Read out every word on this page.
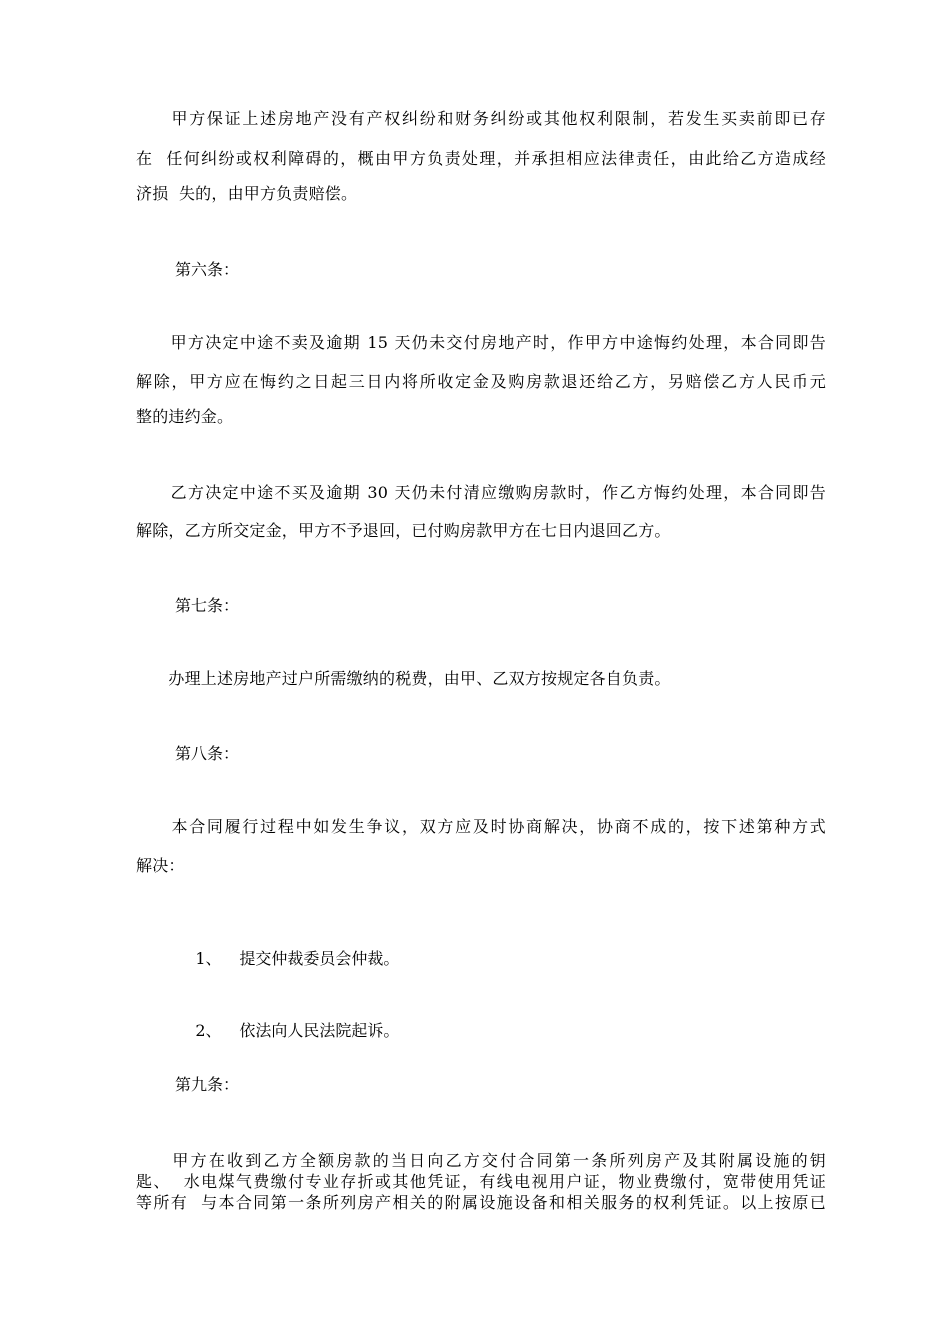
　　甲方保证上述房地产没有产权纠纷和财务纠纷或其他权利限制，若发生买卖前即已存
在  任何纠纷或权利障碍的，概由甲方负责处理，并承担相应法律责任，由此给乙方造成经
济损  失的，由甲方负责赔偿。
第六条：
　　甲方决定中途不卖及逾期 15 天仍未交付房地产时，作甲方中途悔约处理，本合同即告
解除，甲方应在悔约之日起三日内将所收定金及购房款退还给乙方，另赔偿乙方人民币元
整的违约金。
　　乙方决定中途不买及逾期 30 天仍未付清应缴购房款时，作乙方悔约处理，本合同即告
解除，乙方所交定金，甲方不予退回，已付购房款甲方在七日内退回乙方。
第七条：
　　办理上述房地产过户所需缴纳的税费，由甲、乙双方按规定各自负责。
第八条：
　　本合同履行过程中如发生争议，双方应及时协商解决，协商不成的，按下述第种方式
解决：

1、 提交仲裁委员会仲裁。

2、 依法向人民法院起诉。

第九条：
　　甲方在收到乙方全额房款的当日向乙方交付合同第一条所列房产及其附属设施的钥
匙、  水电煤气费缴付专业存折或其他凭证，有线电视用户证，物业费缴付，宽带使用凭证
等所有  与本合同第一条所列房产相关的附属设施设备和相关服务的权利凭证。以上按原已
